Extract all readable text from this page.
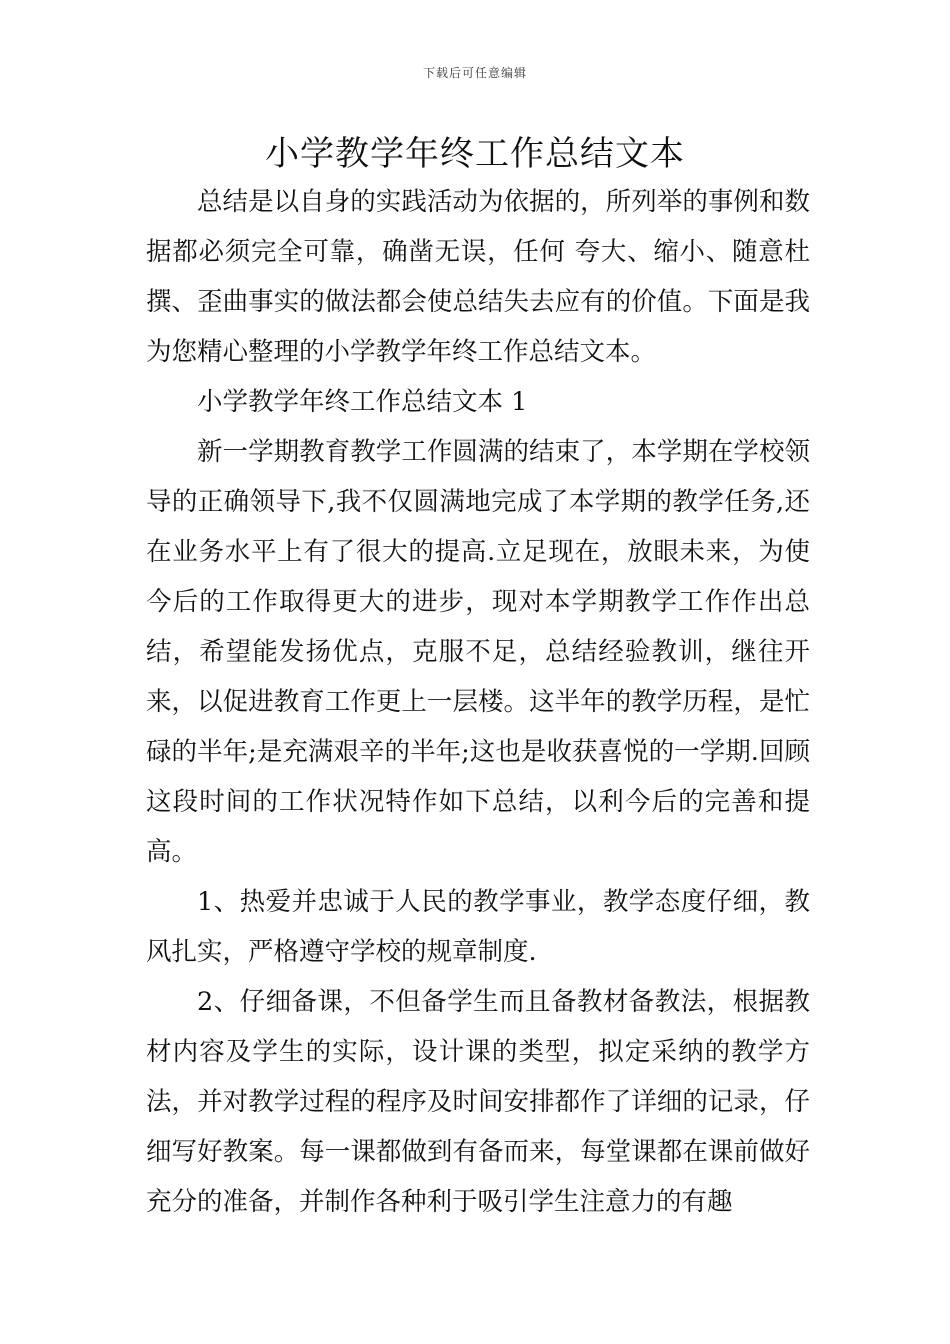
下载后可任意编辑
小学教学年终工作总结文本

总结是以自身的实践活动为依据的，所列举的事例和数据都必须完全可靠，确凿无误，任何 夸大、缩小、随意杜撰、歪曲事实的做法都会使总结失去应有的价值。下面是我为您精心整理的小学教学年终工作总结文本。

小学教学年终工作总结文本 1

新一学期教育教学工作圆满的结束了，本学期在学校领导的正确领导下,我不仅圆满地完成了本学期的教学任务,还在业务水平上有了很大的提高.立足现在，放眼未来，为使今后的工作取得更大的进步，现对本学期教学工作作出总结，希望能发扬优点，克服不足，总结经验教训，继往开来，以促进教育工作更上一层楼。这半年的教学历程，是忙碌的半年;是充满艰辛的半年;这也是收获喜悦的一学期.回顾这段时间的工作状况特作如下总结，以利今后的完善和提高。

1、热爱并忠诚于人民的教学事业，教学态度仔细，教风扎实，严格遵守学校的规章制度.

2、仔细备课，不但备学生而且备教材备教法，根据教材内容及学生的实际，设计课的类型，拟定采纳的教学方法，并对教学过程的程序及时间安排都作了详细的记录，仔细写好教案。每一课都做到有备而来，每堂课都在课前做好充分的准备，并制作各种利于吸引学生注意力的有趣
